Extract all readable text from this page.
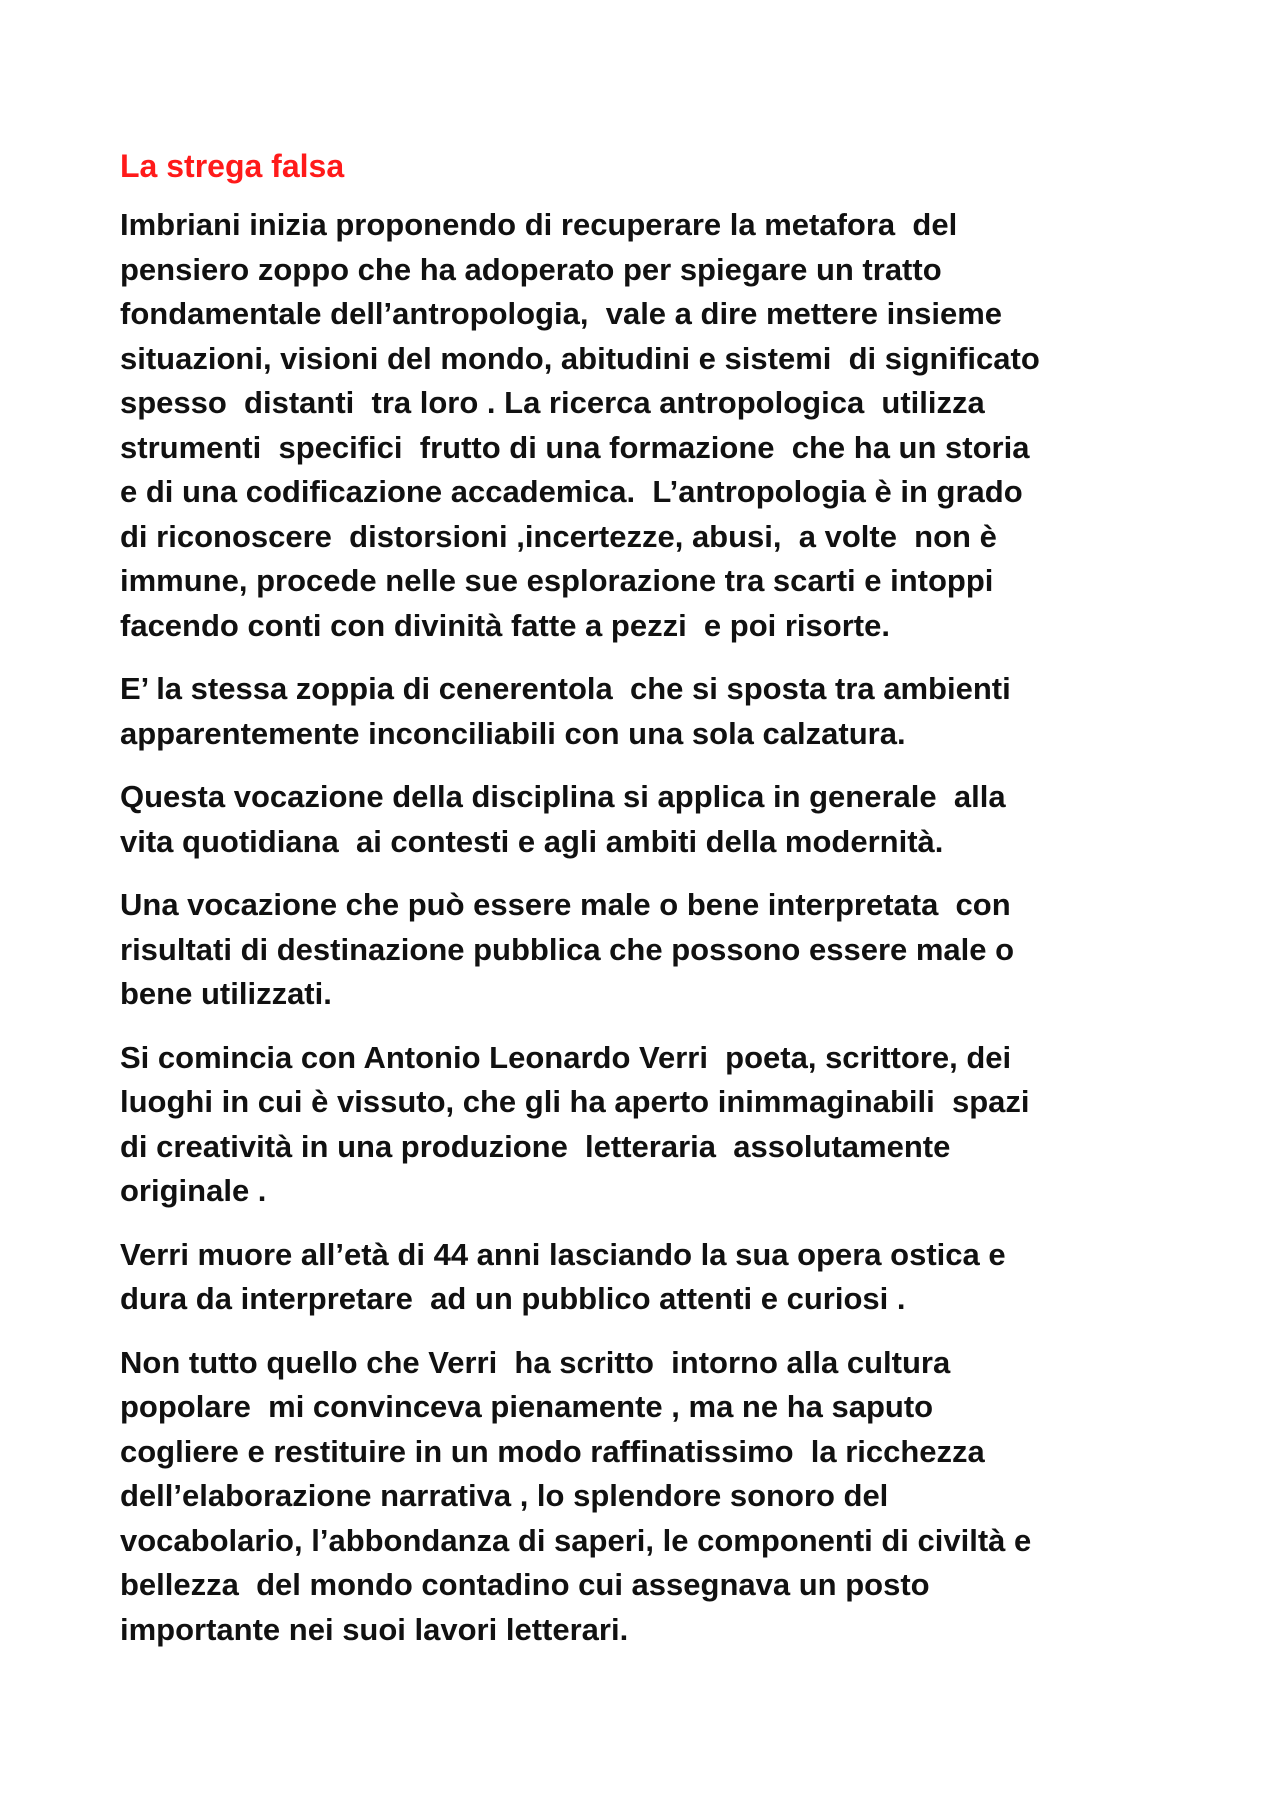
La strega falsa

Imbriani inizia proponendo di recuperare la metafora  del
pensiero zoppo che ha adoperato per spiegare un tratto
fondamentale dell’antropologia,  vale a dire mettere insieme
situazioni, visioni del mondo, abitudini e sistemi  di significato
spesso  distanti  tra loro . La ricerca antropologica  utilizza
strumenti  specifici  frutto di una formazione  che ha un storia
e di una codificazione accademica.  L’antropologia è in grado
di riconoscere  distorsioni ,incertezze, abusi,  a volte  non è
immune, procede nelle sue esplorazione tra scarti e intoppi
facendo conti con divinità fatte a pezzi  e poi risorte.

E’ la stessa zoppia di cenerentola  che si sposta tra ambienti
apparentemente inconciliabili con una sola calzatura.

Questa vocazione della disciplina si applica in generale  alla
vita quotidiana  ai contesti e agli ambiti della modernità.

Una vocazione che può essere male o bene interpretata  con
risultati di destinazione pubblica che possono essere male o
bene utilizzati.

Si comincia con Antonio Leonardo Verri  poeta, scrittore, dei
luoghi in cui è vissuto, che gli ha aperto inimmaginabili  spazi
di creatività in una produzione  letteraria  assolutamente
originale .

Verri muore all’età di 44 anni lasciando la sua opera ostica e
dura da interpretare  ad un pubblico attenti e curiosi .

Non tutto quello che Verri  ha scritto  intorno alla cultura
popolare  mi convinceva pienamente , ma ne ha saputo
cogliere e restituire in un modo raffinatissimo  la ricchezza
dell’elaborazione narrativa , lo splendore sonoro del
vocabolario, l’abbondanza di saperi, le componenti di civiltà e
bellezza  del mondo contadino cui assegnava un posto
importante nei suoi lavori letterari.
